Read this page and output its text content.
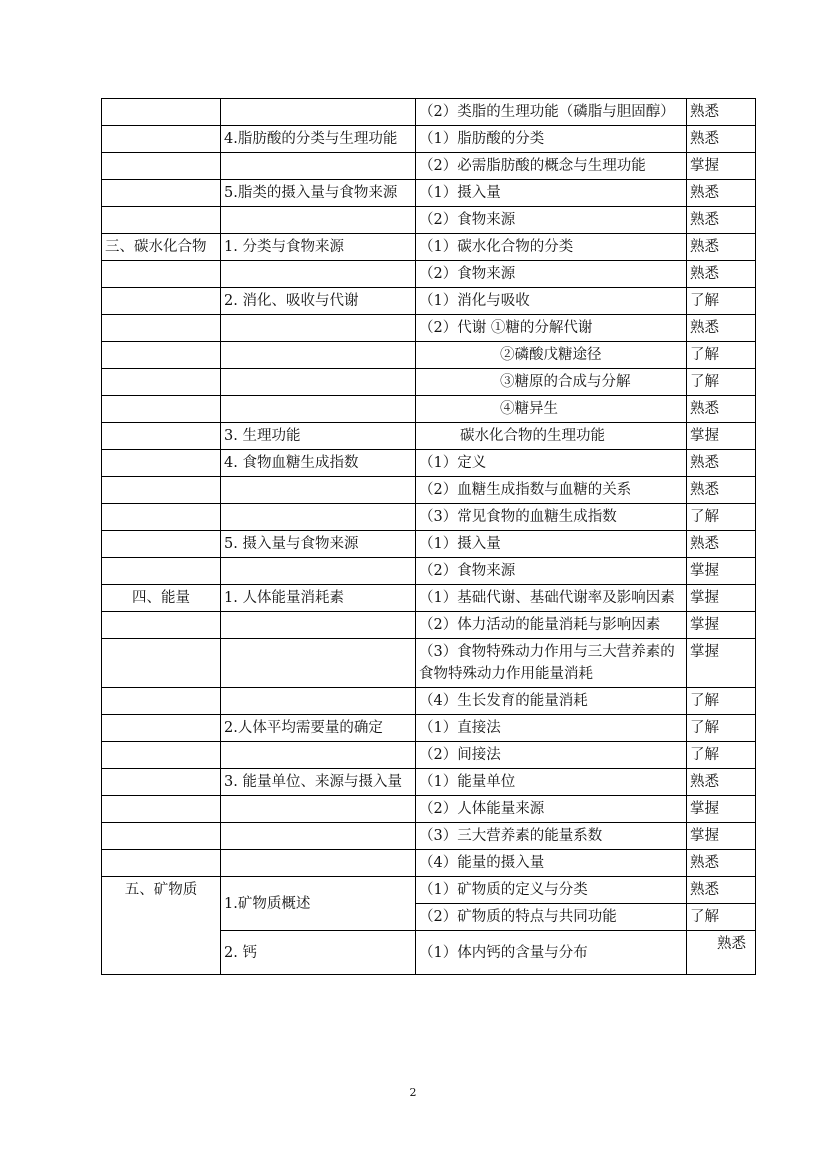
		（2）类脂的生理功能（磷脂与胆固醇）	熟悉
	4.脂肪酸的分类与生理功能	（1）脂肪酸的分类	熟悉
		（2）必需脂肪酸的概念与生理功能	掌握
	5.脂类的摄入量与食物来源	（1）摄入量	熟悉
		（2）食物来源	熟悉
三、碳水化合物	1. 分类与食物来源	（1）碳水化合物的分类	熟悉
		（2）食物来源	熟悉
	2. 消化、吸收与代谢	（1）消化与吸收	了解
		（2）代谢 ①糖的分解代谢	熟悉
		②磷酸戊糖途径	了解
		③糖原的合成与分解	了解
		④糖异生	熟悉
	3. 生理功能	碳水化合物的生理功能	掌握
	4. 食物血糖生成指数	（1）定义	熟悉
		（2）血糖生成指数与血糖的关系	熟悉
		（3）常见食物的血糖生成指数	了解
	5. 摄入量与食物来源	（1）摄入量	熟悉
		（2）食物来源	掌握
四、能量	1. 人体能量消耗素	（1）基础代谢、基础代谢率及影响因素	掌握
		（2）体力活动的能量消耗与影响因素	掌握
		（3）食物特殊动力作用与三大营养素的食物特殊动力作用能量消耗	掌握
		（4）生长发育的能量消耗	了解
	2.人体平均需要量的确定	（1）直接法	了解
		（2）间接法	了解
	3. 能量单位、来源与摄入量	（1）能量单位	熟悉
		（2）人体能量来源	掌握
		（3）三大营养素的能量系数	掌握
		（4）能量的摄入量	熟悉
五、矿物质	1.矿物质概述	（1）矿物质的定义与分类	熟悉
		（2）矿物质的特点与共同功能	了解
	2. 钙	（1）体内钙的含量与分布	熟悉
2
